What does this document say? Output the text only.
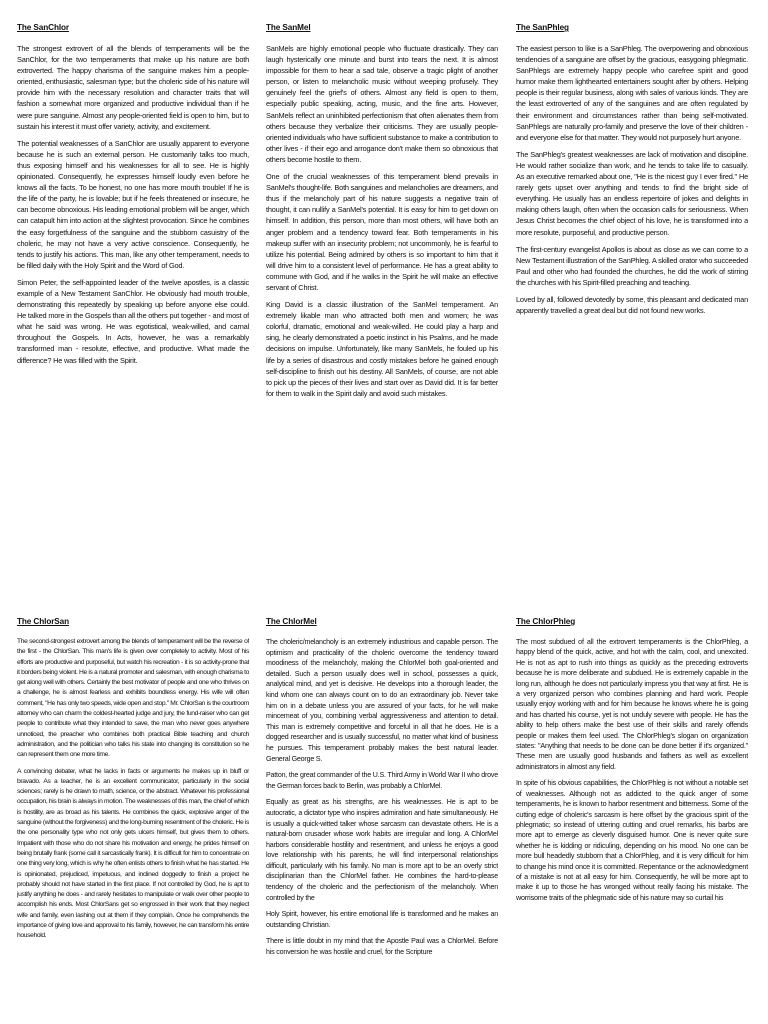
The SanChlor

The strongest extrovert of all the blends of temperaments will be the SanChlor, for the two temperaments that make up his nature are both extroverted. The happy charisma of the sanguine makes him a people-oriented, enthusiastic, salesman type; but the choleric side of his nature will provide him with the necessary resolution and character traits that will fashion a somewhat more organized and productive individual than if he were pure sanguine. Almost any people-oriented field is open to him, but to sustain his interest it must offer variety, activity, and excitement.

The potential weaknesses of a SanChlor are usually apparent to everyone because he is such an external person. He customarily talks too much, thus exposing himself and his weaknesses for all to see. He is highly opinionated. Consequently, he expresses himself loudly even before he knows all the facts. To be honest, no one has more mouth trouble! If he is the life of the party, he is lovable; but if he feels threatened or insecure, he can become obnoxious. His leading emotional problem will be anger, which can catapult him into action at the slightest provocation. Since he combines the easy forgetfulness of the sanguine and the stubborn casuistry of the choleric, he may not have a very active conscience. Consequently, he tends to justify his actions. This man, like any other temperament, needs to be filled daily with the Holy Spirit and the Word of God.

Simon Peter, the self-appointed leader of the twelve apostles, is a classic example of a New Testament SanChlor. He obviously had mouth trouble, demonstrating this repeatedly by speaking up before anyone else could. He talked more in the Gospels than all the others put together - and most of what he said was wrong. He was egotistical, weak-willed, and carnal throughout the Gospels. In Acts, however, he was a remarkably transformed man - resolute, effective, and productive. What made the difference? He was filled with the Spirit.

The SanMel

SanMels are highly emotional people who fluctuate drastically. They can laugh hysterically one minute and burst into tears the next. It is almost impossible for them to hear a sad tale, observe a tragic plight of another person, or listen to melancholic music without weeping profusely. They genuinely feel the grief's of others. Almost any field is open to them, especially public speaking, acting, music, and the fine arts. However, SanMels reflect an uninhibited perfectionism that often alienates them from others because they verbalize their criticisms. They are usually people-oriented individuals who have sufficient substance to make a contribution to other lives - if their ego and arrogance don't make them so obnoxious that others become hostile to them.

One of the crucial weaknesses of this temperament blend prevails in SanMel's thought-life. Both sanguines and melancholies are dreamers, and thus if the melancholy part of his nature suggests a negative train of thought, it can nullify a SanMel's potential. It is easy for him to get down on himself. In addition, this person, more than most others, will have both an anger problem and a tendency toward fear. Both temperaments in his makeup suffer with an insecurity problem; not uncommonly, he is fearful to utilize his potential. Being admired by others is so important to him that it will drive him to a consistent level of performance. He has a great ability to commune with God, and if he walks in the Spirit he will make an effective servant of Christ.

King David is a classic illustration of the SanMel temperament. An extremely likable man who attracted both men and women; he was colorful, dramatic, emotional and weak-willed. He could play a harp and sing, he clearly demonstrated a poetic instinct in his Psalms, and he made decisions on impulse. Unfortunately, like many SanMels, he fouled up his life by a series of disastrous and costly mistakes before he gained enough self-discipline to finish out his destiny. All SanMels, of course, are not able to pick up the pieces of their lives and start over as David did. It is far better for them to walk in the Spirit daily and avoid such mistakes.

The SanPhleg

The easiest person to like is a SanPhleg. The overpowering and obnoxious tendencies of a sanguine are offset by the gracious, easygoing phlegmatic. SanPhlegs are extremely happy people who carefree spirit and good humor make them lighthearted entertainers sought after by others. Helping people is their regular business, along with sales of various kinds. They are the least extroverted of any of the sanguines and are often regulated by their environment and circumstances rather than being self-motivated. SanPhlegs are naturally pro-family and preserve the love of their children - and everyone else for that matter. They would not purposely hurt anyone.

The SanPhleg's greatest weaknesses are lack of motivation and discipline. He would rather socialize than work, and he tends to take life to casually. As an executive remarked about one, "He is the nicest guy I ever fired." He rarely gets upset over anything and tends to find the bright side of everything. He usually has an endless repertoire of jokes and delights in making others laugh, often when the occasion calls for seriousness. When Jesus Christ becomes the chief object of his love, he is transformed into a more resolute, purposeful, and productive person.

The first-century evangelist Apollos is about as close as we can come to a New Testament illustration of the SanPhleg. A skilled orator who succeeded Paul and other who had founded the churches, he did the work of stirring the churches with his Spirit-filled preaching and teaching.

Loved by all, followed devotedly by some, this pleasant and dedicated man apparently travelled a great deal but did not found new works.

The ChlorSan

The second-strongest extrovert among the blends of temperament will be the reverse of the first - the ChlorSan. This man's life is given over completely to activity. Most of his efforts are productive and purposeful, but watch his recreation - it is so activity-prone that it borders being violent. He is a natural promoter and salesman, with enough charisma to get along well with others. Certainly the best motivator of people and one who thrives on a challenge, he is almost fearless and exhibits boundless energy. His wife will often comment, "He has only two speeds, wide open and stop." Mr. ChlorSan is the courtroom attorney who can charm the coldest-hearted judge and jury, the fund-raiser who can get people to contribute what they intended to save, the man who never goes anywhere unnoticed, the preacher who combines both practical Bible teaching and church administration, and the politician who talks his state into changing its constitution so he can represent them one more time.

A convincing debater, what he lacks in facts or arguments he makes up in bluff or bravado. As a teacher, he is an excellent communicator, particularly in the social sciences; rarely is he drawn to math, science, or the abstract. Whatever his professional occupation, his brain is always in motion. The weaknesses of this man, the chief of which is hostility, are as broad as his talents. He combines the quick, explosive anger of the sanguine (without the forgiveness) and the long-burning resentment of the choleric. He is the one personality type who not only gets ulcers himself, but gives them to others. Impatient with those who do not share his motivation and energy, he prides himself on being brutally frank (some call it sarcastically frank). It is difficult for him to concentrate on one thing very long, which is why he often enlists others to finish what he has started. He is opinionated, prejudiced, impetuous, and inclined doggedly to finish a project he probably should not have started in the first place. If not controlled by God, he is apt to justify anything he does - and rarely hesitates to manipulate or walk over other people to accomplish his ends. Most ChlorSans get so engrossed in their work that they neglect wife and family, even lashing out at them if they complain. Once he comprehends the importance of giving love and approval to his family, however, he can transform his entire household.

The ChlorMel

The choleric/melancholy is an extremely industrious and capable person. The optimism and practicality of the choleric overcome the tendency toward moodiness of the melancholy, making the ChlorMel both goal-oriented and detailed. Such a person usually does well in school, possesses a quick, analytical mind, and yet is decisive. He develops into a thorough leader, the kind whom one can always count on to do an extraordinary job. Never take him on in a debate unless you are assured of your facts, for he will make mincemeat of you, combining verbal aggressiveness and attention to detail. This man is extremely competitive and forceful in all that he does. He is a dogged researcher and is usually successful, no matter what kind of business he pursues. This temperament probably makes the best natural leader. General George S.

Patton, the great commander of the U.S. Third Army in World War II who drove the German forces back to Berlin, was probably a ChlorMel.

Equally as great as his strengths, are his weaknesses. He is apt to be autocratic, a dictator type who inspires admiration and hate simultaneously. He is usually a quick-witted talker whose sarcasm can devastate others. He is a natural-born crusader whose work habits are irregular and long. A ChlorMel harbors considerable hostility and resentment, and unless he enjoys a good love relationship with his parents, he will find interpersonal relationships difficult, particularly with his family. No man is more apt to be an overly strict disciplinarian than the ChlorMel father. He combines the hard-to-please tendency of the choleric and the perfectionism of the melancholy. When controlled by the

Holy Spirit, however, his entire emotional life is transformed and he makes an outstanding Christian.

There is little doubt in my mind that the Apostle Paul was a ChlorMel. Before his conversion he was hostile and cruel, for the Scripture

The ChlorPhleg

The most subdued of all the extrovert temperaments is the ChlorPhleg, a happy blend of the quick, active, and hot with the calm, cool, and unexcited. He is not as apt to rush into things as quickly as the preceding extroverts because he is more deliberate and subdued. He is extremely capable in the long run, although he does not particularly impress you that way at first. He is a very organized person who combines planning and hard work. People usually enjoy working with and for him because he knows where he is going and has charted his course, yet is not unduly severe with people. He has the ability to help others make the best use of their skills and rarely offends people or makes them feel used. The ChlorPhleg's slogan on organization states: "Anything that needs to be done can be done better if it's organized." These men are usually good husbands and fathers as well as excellent administrators in almost any field.

In spite of his obvious capabilities, the ChlorPhleg is not without a notable set of weaknesses. Although not as addicted to the quick anger of some temperaments, he is known to harbor resentment and bitterness. Some of the cutting edge of choleric's sarcasm is here offset by the gracious spirit of the phlegmatic; so instead of uttering cutting and cruel remarks, his barbs are more apt to emerge as cleverly disguised humor. One is never quite sure whether he is kidding or ridiculing, depending on his mood. No one can be more bull headedly stubborn that a ChlorPhleg, and it is very difficult for him to change his mind once it is committed. Repentance or the acknowledgment of a mistake is not at all easy for him. Consequently, he will be more apt to make it up to those he has wronged without really facing his mistake. The worrisome traits of the phlegmatic side of his nature may so curtail his
